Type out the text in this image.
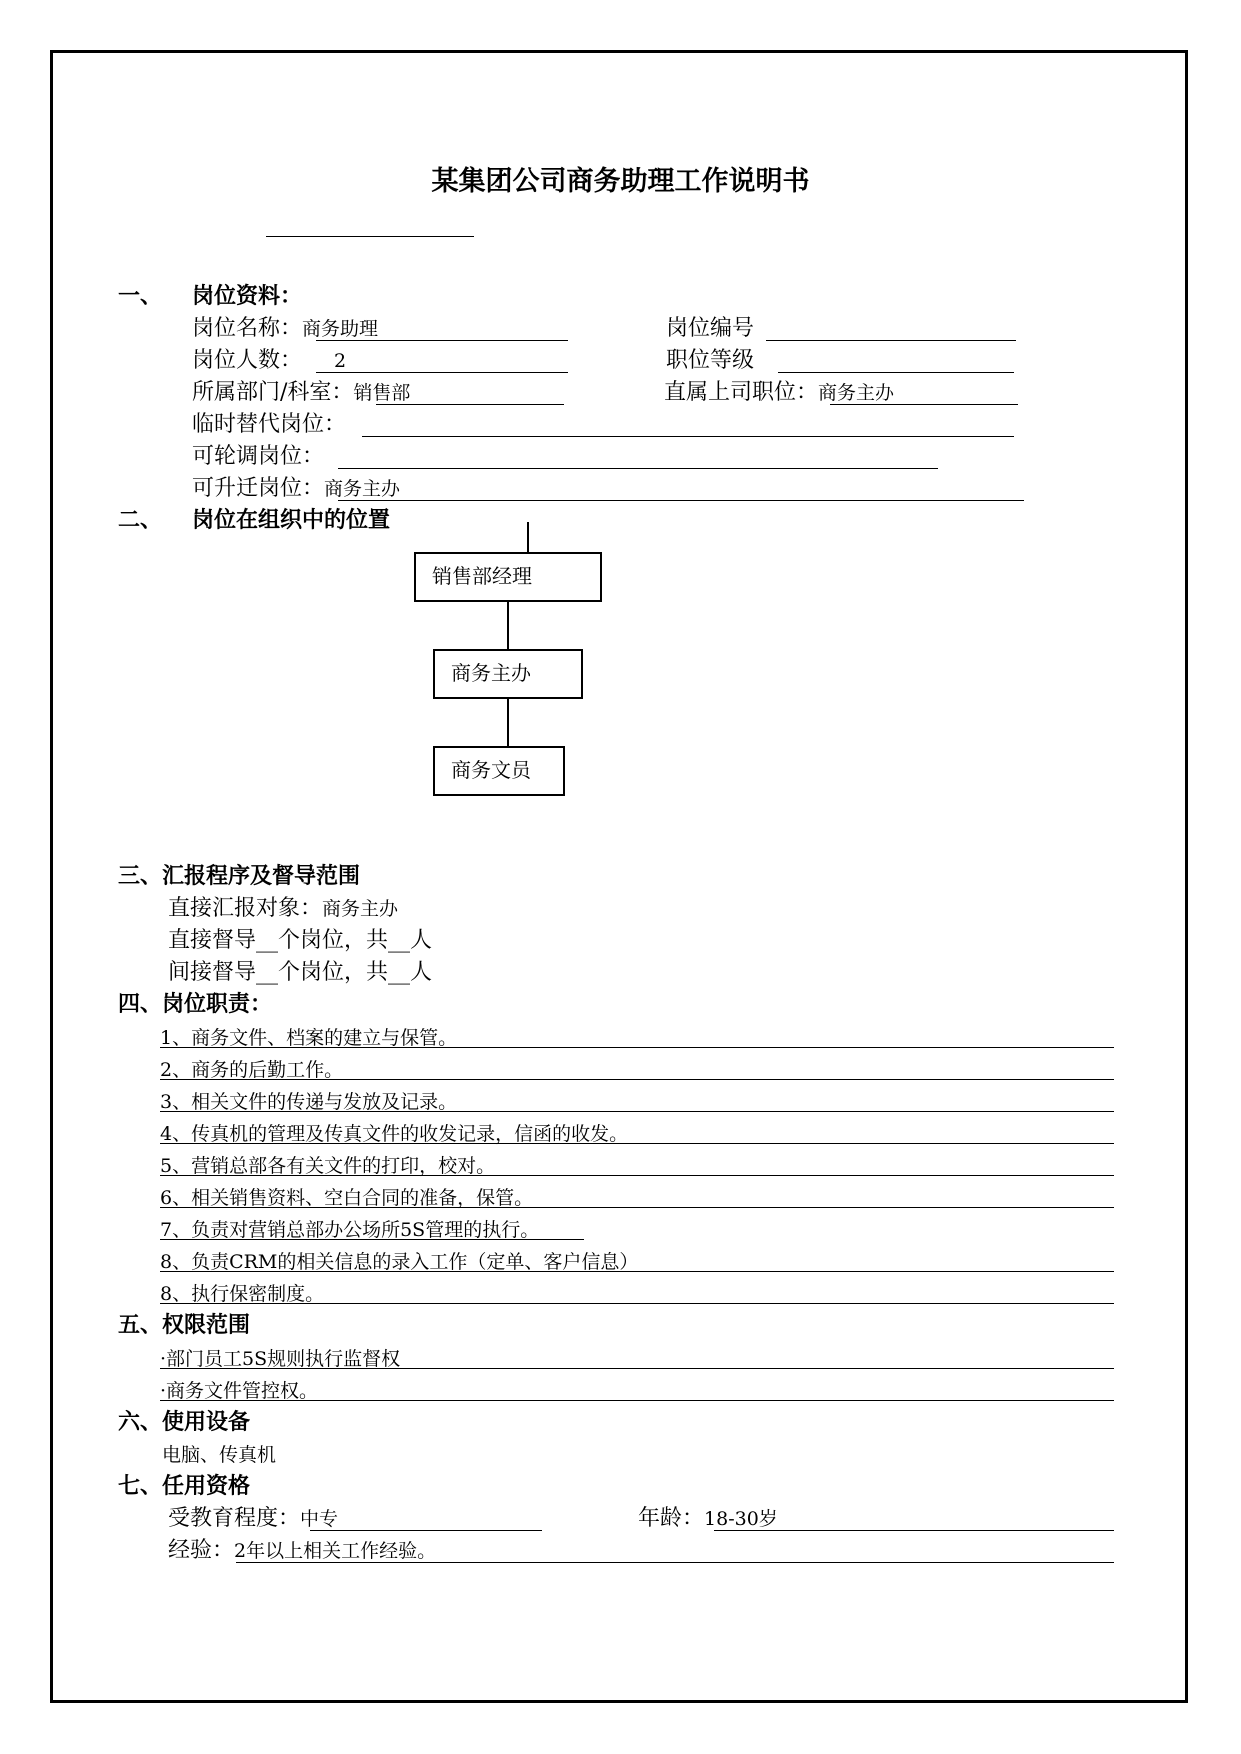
某集团公司商务助理工作说明书
一、 岗位资料：
岗位名称：商务助理	岗位编号
岗位人数： 2	职位等级
所属部门/科室：销售部	直属上司职位：商务主办
临时替代岗位：
可轮调岗位：
可升迁岗位：商务主办
二、 岗位在组织中的位置
销售部经理
商务主办
商务文员
三、汇报程序及督导范围
直接汇报对象：商务主办
直接督导__个岗位，共__人
间接督导__个岗位，共__人
四、岗位职责：
1、商务文件、档案的建立与保管。
2、商务的后勤工作。
3、相关文件的传递与发放及记录。
4、传真机的管理及传真文件的收发记录，信函的收发。
5、营销总部各有关文件的打印，校对。
6、相关销售资料、空白合同的准备，保管。
7、负责对营销总部办公场所5S管理的执行。
8、负责CRM的相关信息的录入工作（定单、客户信息）
8、执行保密制度。
五、权限范围
·部门员工5S规则执行监督权
·商务文件管控权。
六、使用设备
电脑、传真机
七、任用资格
受教育程度：中专	年龄：18-30岁
经验：2年以上相关工作经验。
